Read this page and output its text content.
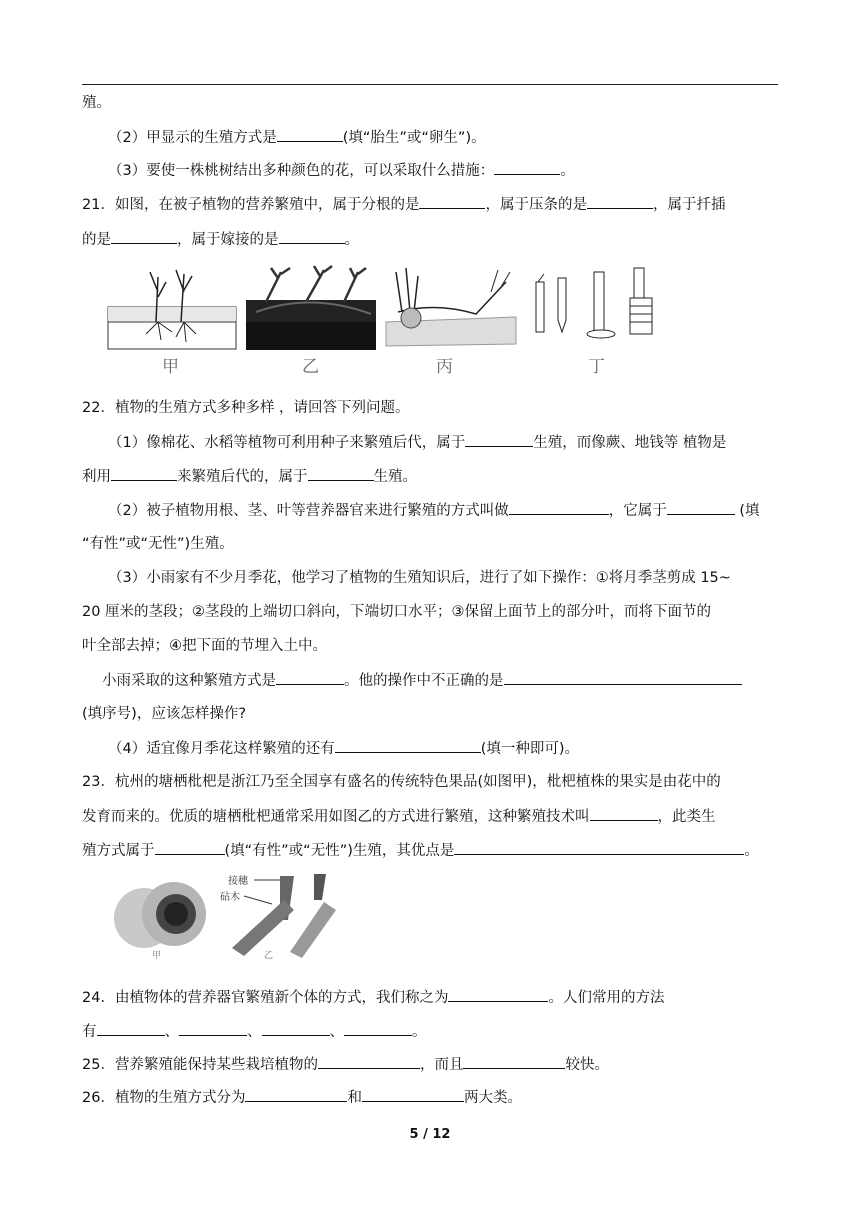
殖。
（2）甲显示的生殖方式是	(填“胎生”或“卵生”)。
（3）要使一株桃树结出多种颜色的花，可以采取什么措施：	。
21．如图，在被子植物的营养繁殖中，属于分根的是	，属于压条的是	，属于扦插
的是	，属于嫁接的是	。
甲	乙	丙	丁
22．植物的生殖方式多种多样 ，请回答下列问题。
（1）像棉花、水稻等植物可利用种子来繁殖后代，属于	生殖，而像蕨、地钱等 植物是
利用	来繁殖后代的，属于	生殖。
（2）被子植物用根、茎、叶等营养器官来进行繁殖的方式叫做	，它属于	(填
“有性”或“无性”)生殖。
（3）小雨家有不少月季花，他学习了植物的生殖知识后，进行了如下操作：①将月季茎剪成 15~
20 厘米的茎段；②茎段的上端切口斜向，下端切口水平；③保留上面节上的部分叶，而将下面节的
叶全部去掉；④把下面的节埋入土中。
小雨采取的这种繁殖方式是	。他的操作中不正确的是
(填序号)，应该怎样操作?
（4）适宜像月季花这样繁殖的还有	(填一种即可)。
23．杭州的塘栖枇杷是浙江乃至全国享有盛名的传统特色果品(如图甲)，枇杷植株的果实是由花中的
发育而来的。优质的塘栖枇杷通常采用如图乙的方式进行繁殖，这种繁殖技术叫	，此类生
殖方式属于	(填“有性”或“无性”)生殖，其优点是	。
甲
接穗
砧木
乙
24．由植物体的营养器官繁殖新个体的方式，我们称之为	。人们常用的方法
有	、	、	、	。
25．营养繁殖能保持某些栽培植物的	，而且	较快。
26．植物的生殖方式分为	和	两大类。
5 / 12
